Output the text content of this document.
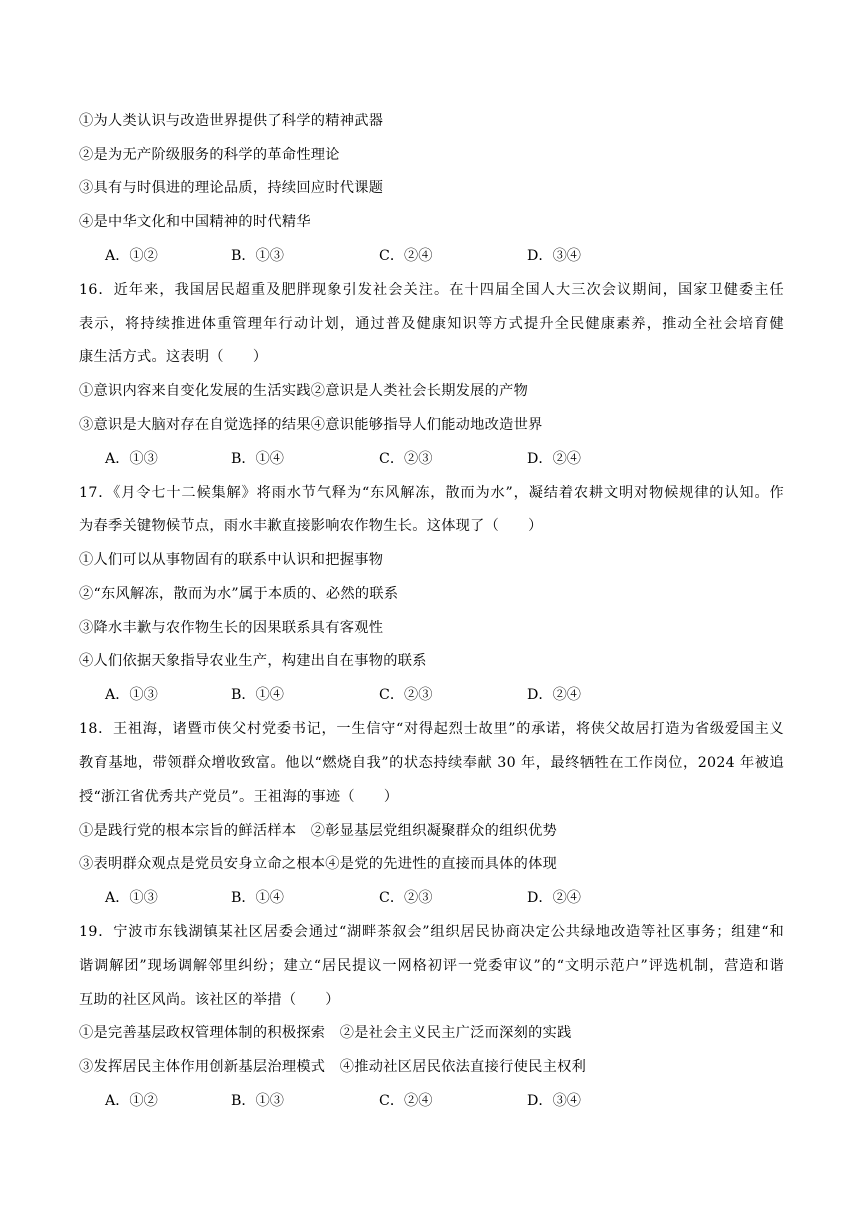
①为人类认识与改造世界提供了科学的精神武器
②是为无产阶级服务的科学的革命性理论
③具有与时俱进的理论品质，持续回应时代课题
④是中华文化和中国精神的时代精华
A．①②	B．①③	C．②④	D．③④
16．近年来，我国居民超重及肥胖现象引发社会关注。在十四届全国人大三次会议期间，国家卫健委主任
表示，将持续推进体重管理年行动计划，通过普及健康知识等方式提升全民健康素养，推动全社会培育健
康生活方式。这表明（　　）
①意识内容来自变化发展的生活实践②意识是人类社会长期发展的产物
③意识是大脑对存在自觉选择的结果④意识能够指导人们能动地改造世界
A．①③	B．①④	C．②③	D．②④
17．《月令七十二候集解》将雨水节气释为“东风解冻，散而为水”，凝结着农耕文明对物候规律的认知。作
为春季关键物候节点，雨水丰歉直接影响农作物生长。这体现了（　　）
①人们可以从事物固有的联系中认识和把握事物
②“东风解冻，散而为水”属于本质的、必然的联系
③降水丰歉与农作物生长的因果联系具有客观性
④人们依据天象指导农业生产，构建出自在事物的联系
A．①③	B．①④	C．②③	D．②④
18．王祖海，诸暨市侠父村党委书记，一生信守“对得起烈士故里”的承诺，将侠父故居打造为省级爱国主义
教育基地，带领群众增收致富。他以“燃烧自我”的状态持续奉献 30 年，最终牺牲在工作岗位，2024 年被追
授“浙江省优秀共产党员”。王祖海的事迹（　　）
①是践行党的根本宗旨的鲜活样本　②彰显基层党组织凝聚群众的组织优势
③表明群众观点是党员安身立命之根本④是党的先进性的直接而具体的体现
A．①③	B．①④	C．②③	D．②④
19．宁波市东钱湖镇某社区居委会通过“湖畔茶叙会”组织居民协商决定公共绿地改造等社区事务；组建“和
谐调解团”现场调解邻里纠纷；建立“居民提议一网格初评一党委审议”的“文明示范户”评选机制，营造和谐
互助的社区风尚。该社区的举措（　　）
①是完善基层政权管理体制的积极探索　②是社会主义民主广泛而深刻的实践
③发挥居民主体作用创新基层治理模式　④推动社区居民依法直接行使民主权利
A．①②	B．①③	C．②④	D．③④
